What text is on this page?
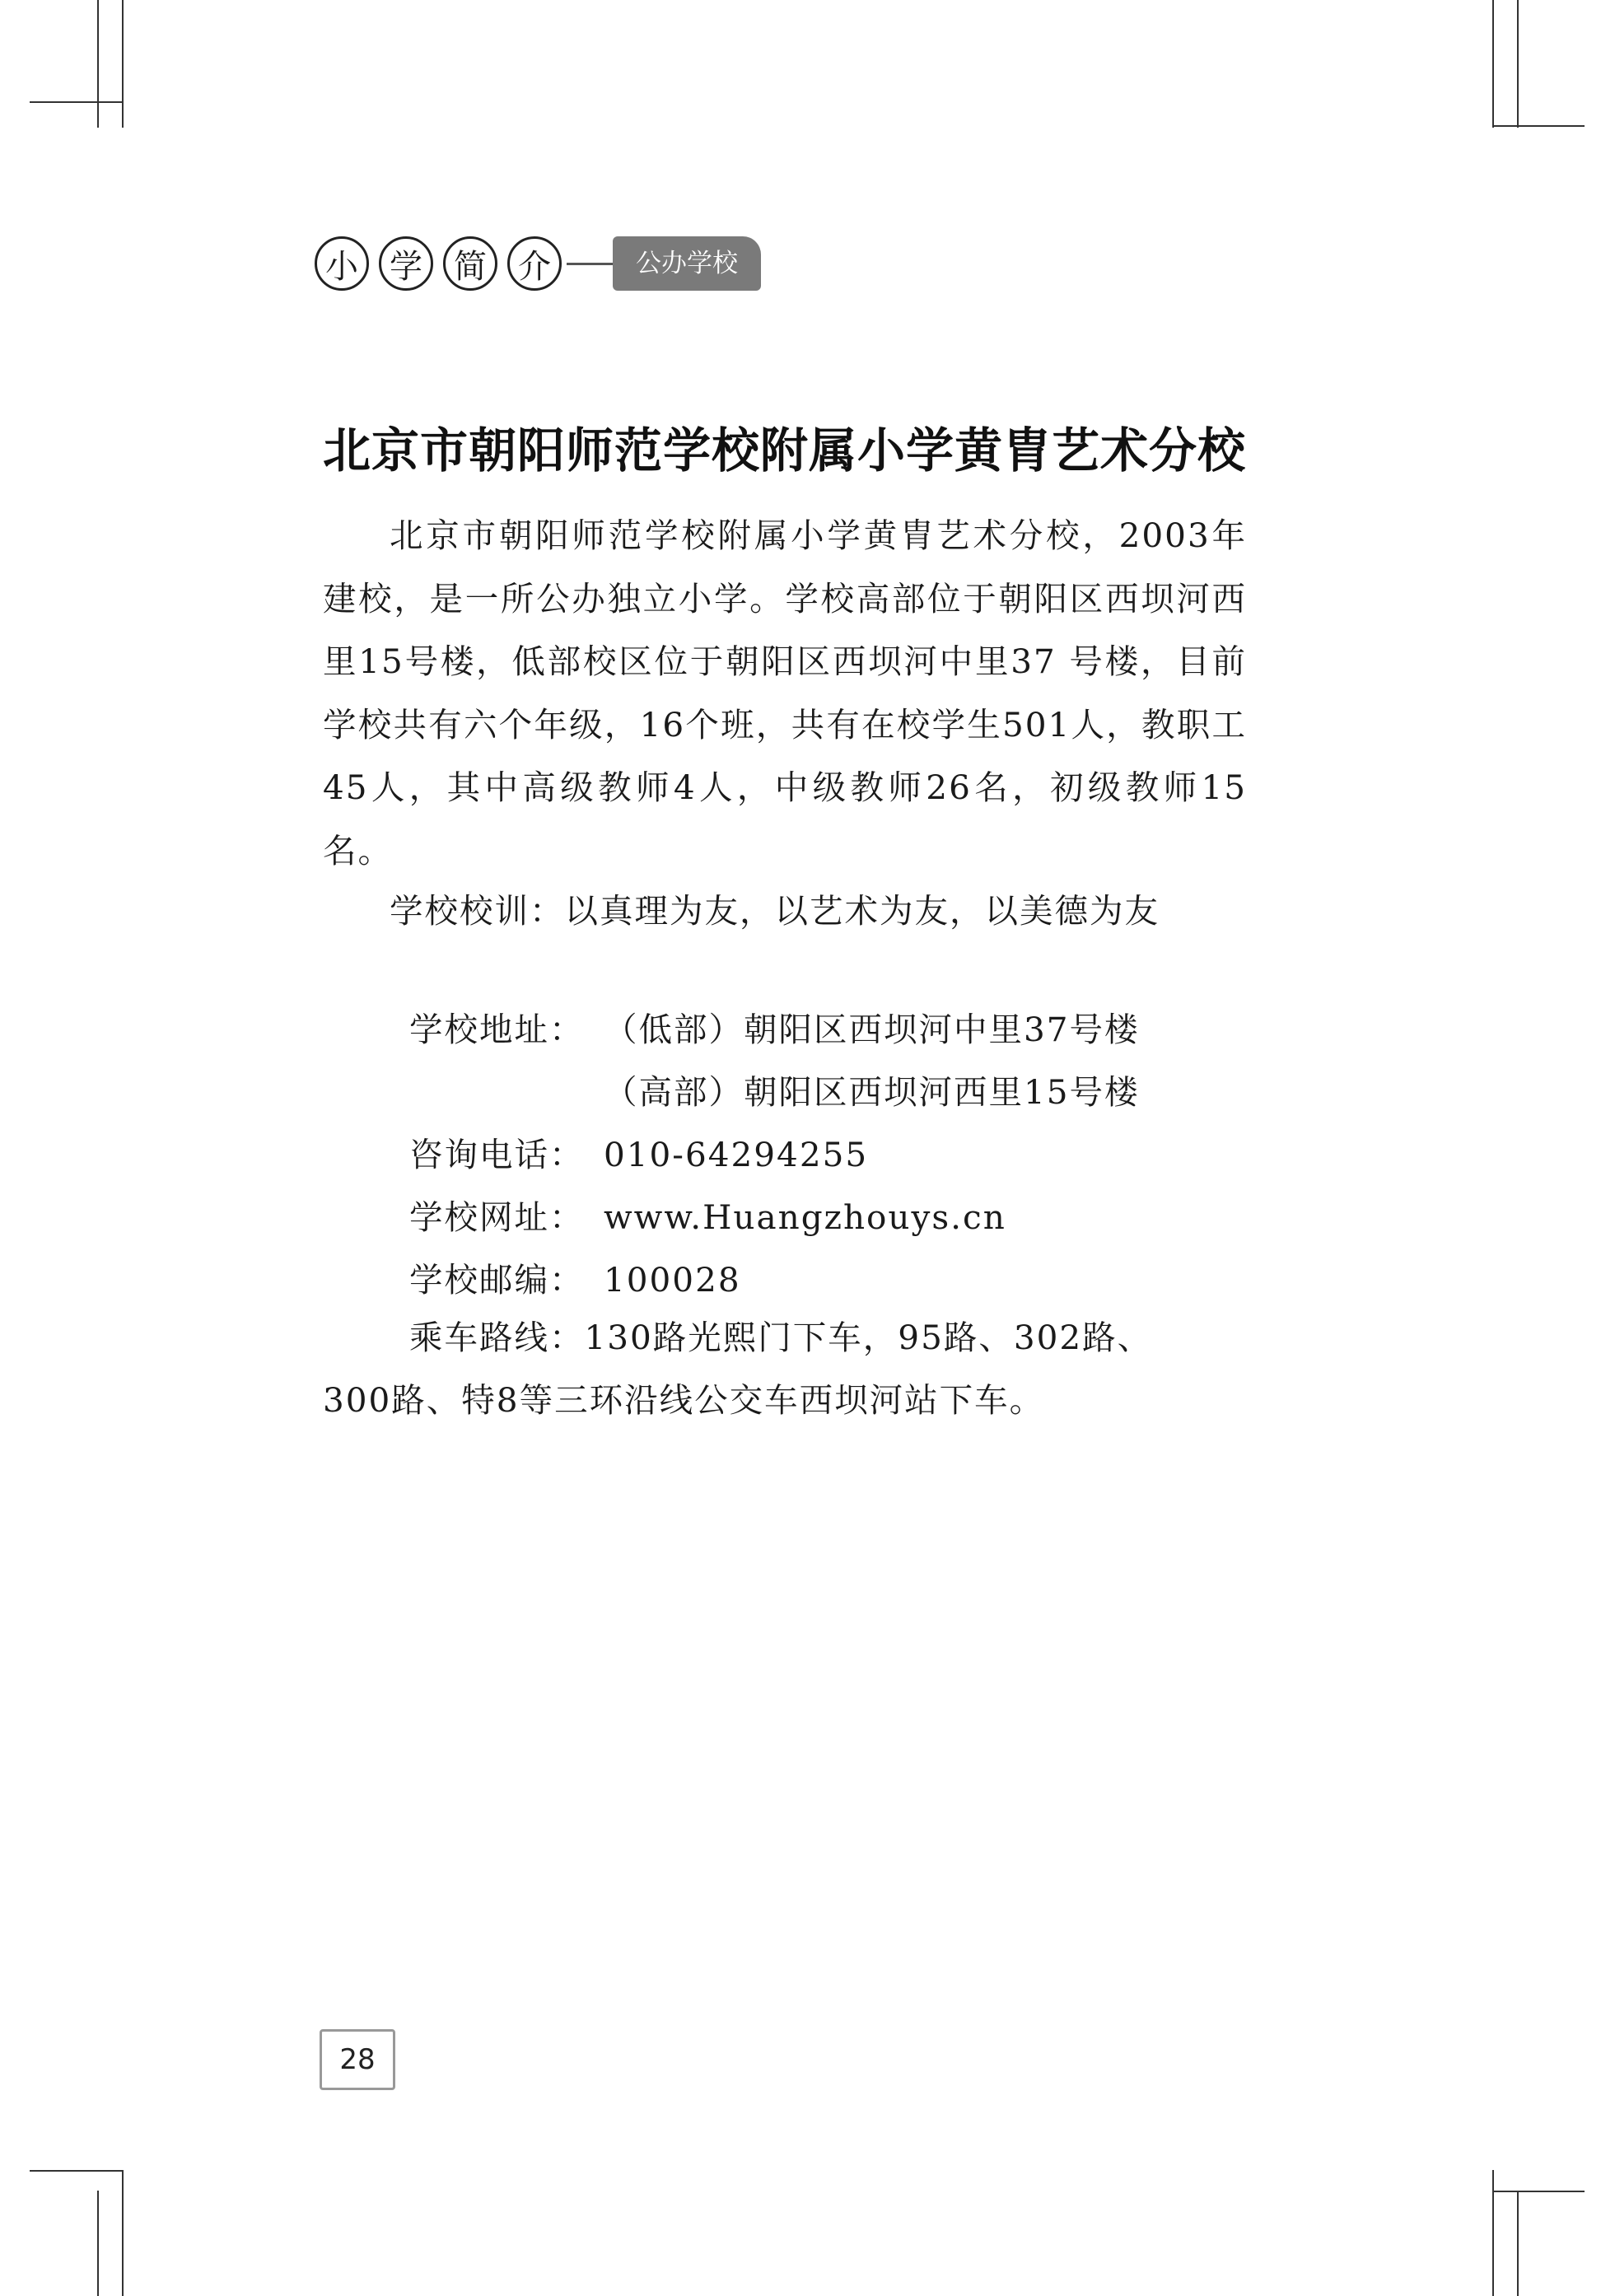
小 学 简 介	公办学校
北京市朝阳师范学校附属小学黄胄艺术分校

北京市朝阳师范学校附属小学黄胄艺术分校，2003年建校，是一所公办独立小学。学校高部位于朝阳区西坝河西里15号楼，低部校区位于朝阳区西坝河中里37 号楼，目前学校共有六个年级，16个班，共有在校学生501人，教职工45人，其中高级教师4人，中级教师26名，初级教师15名。

学校校训：以真理为友，以艺术为友，以美德为友

学校地址： （低部）朝阳区西坝河中里37号楼
（高部）朝阳区西坝河西里15号楼
咨询电话： 010-64294255
学校网址： www.Huangzhouys.cn
学校邮编： 100028
乘车路线：130路光熙门下车，95路、302路、
300路、特8等三环沿线公交车西坝河站下车。
28
